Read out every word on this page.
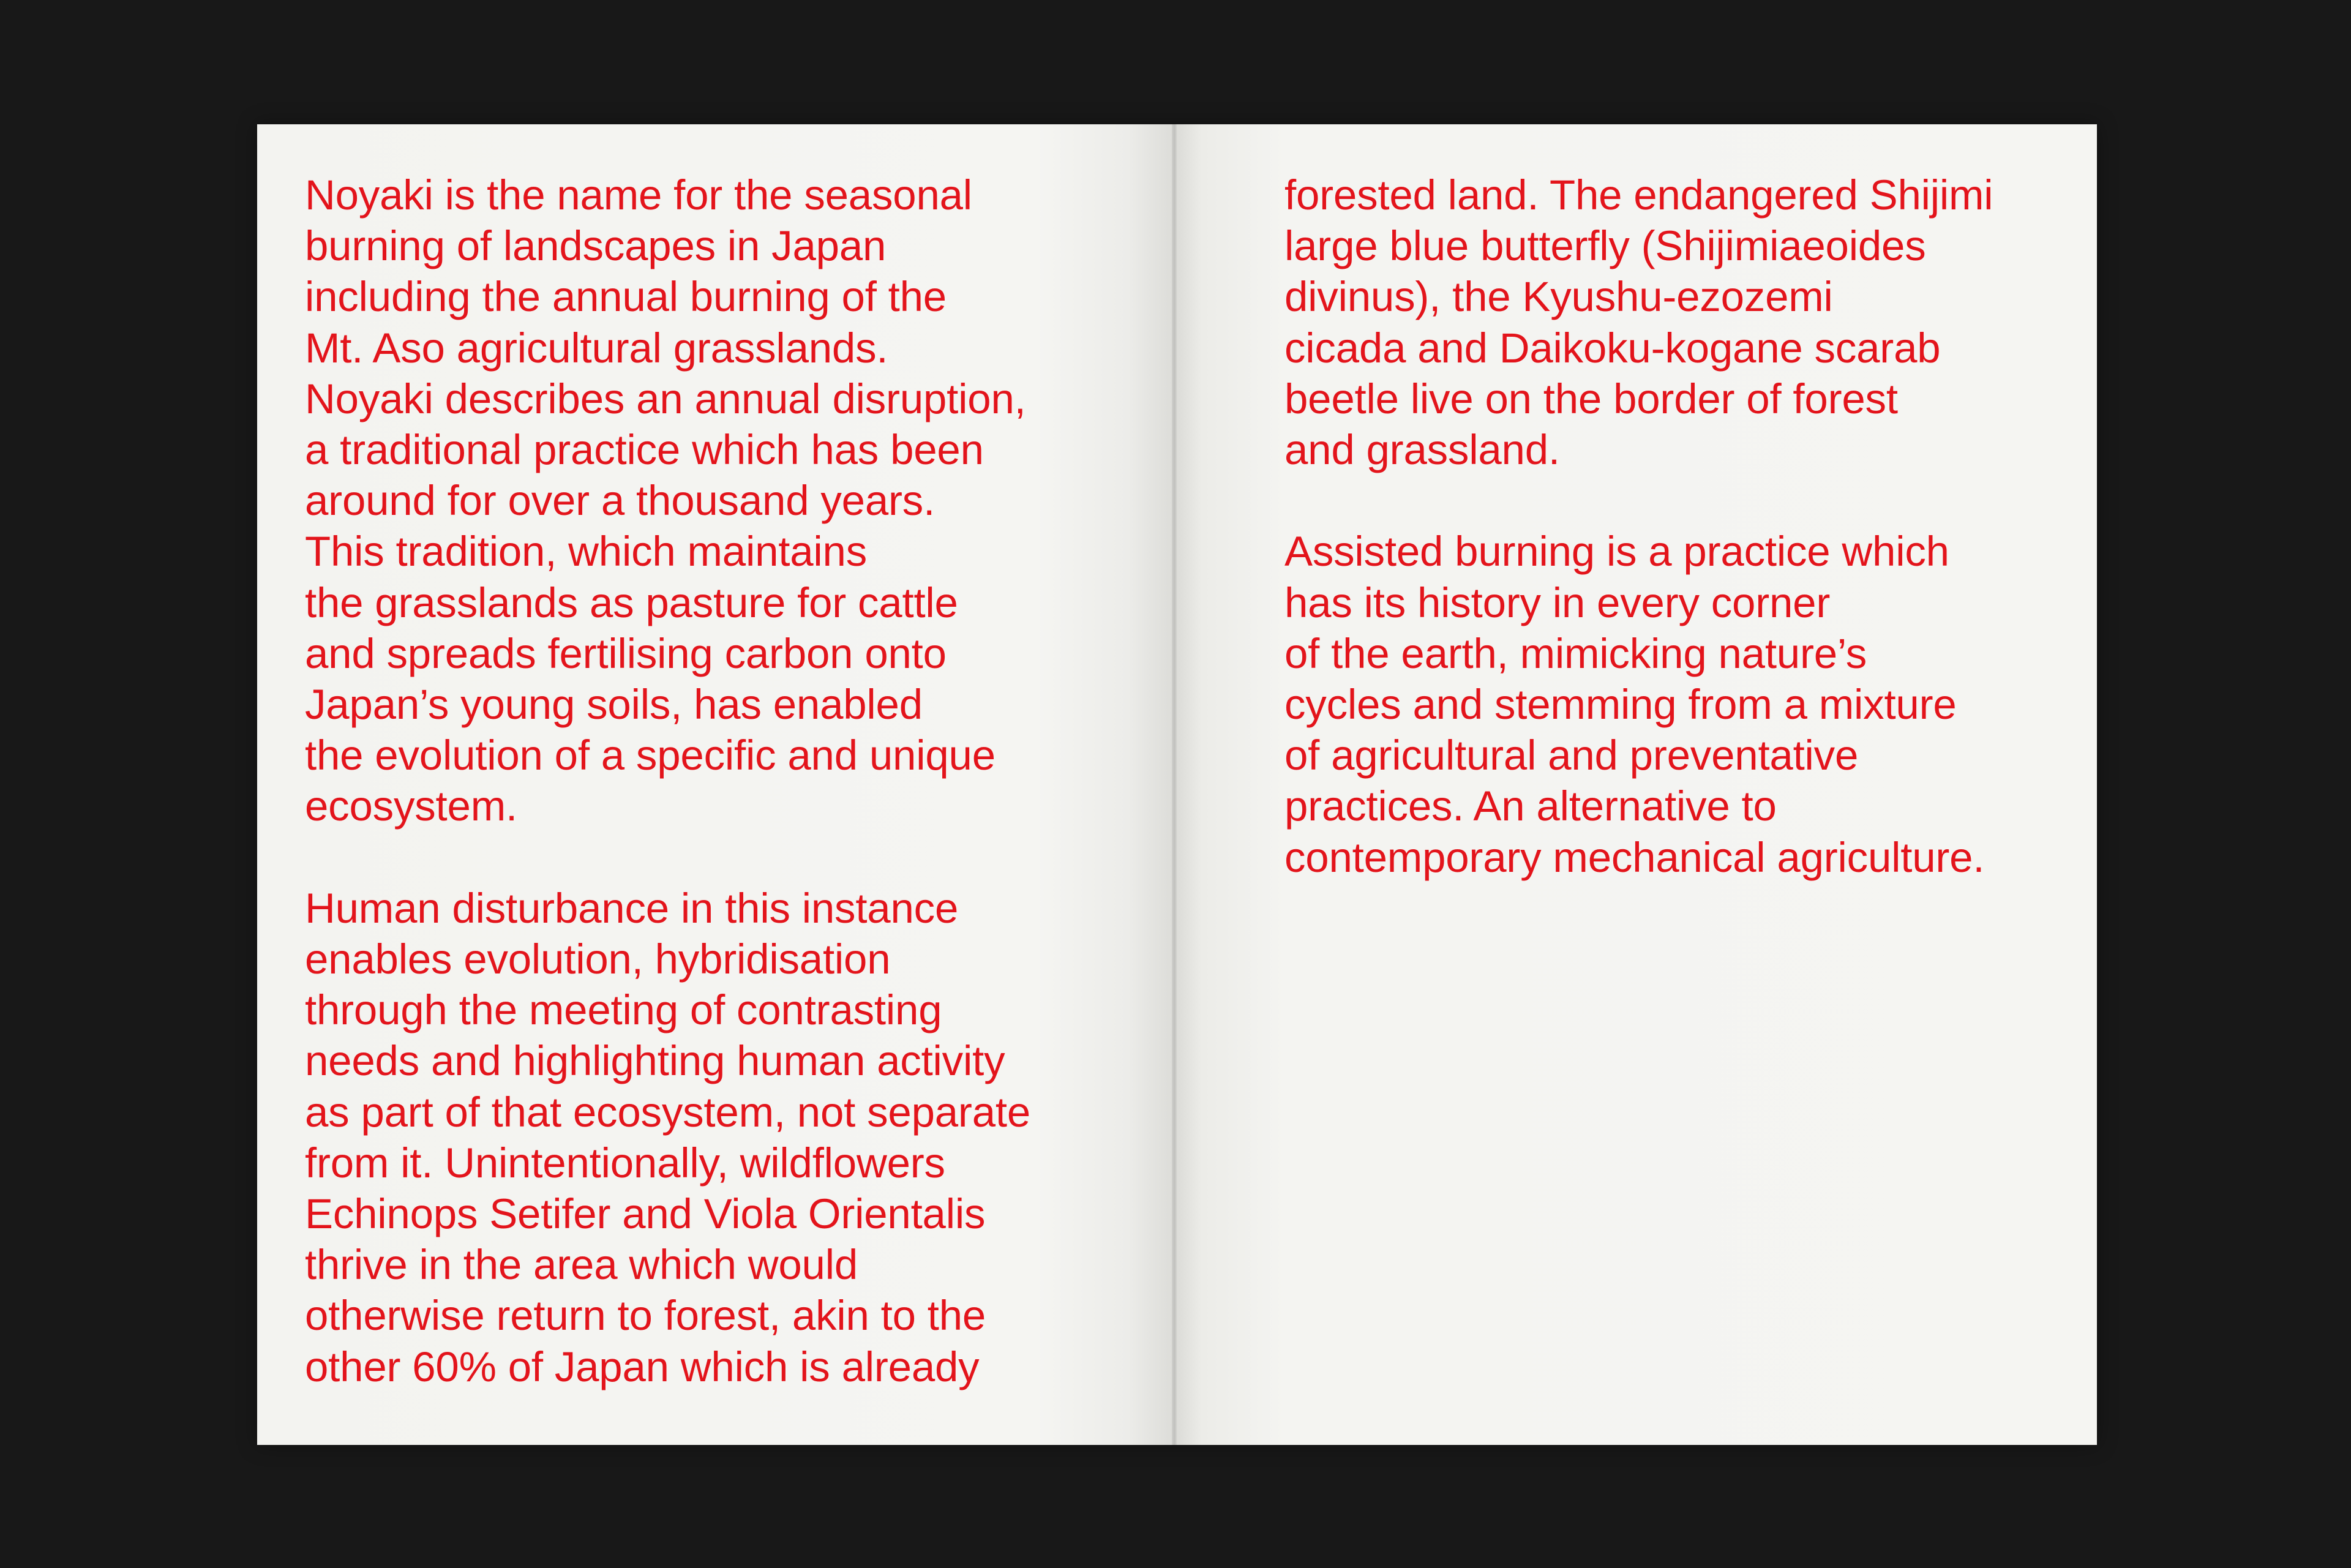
Noyaki is the name for the seasonal
burning of landscapes in Japan
including the annual burning of the
Mt. Aso agricultural grasslands.
Noyaki describes an annual disruption,
a traditional practice which has been
around for over a thousand years.
This tradition, which maintains
the grasslands as pasture for cattle
and spreads fertilising carbon onto
Japan’s young soils, has enabled
the evolution of a specific and unique
ecosystem.

Human disturbance in this instance
enables evolution, hybridisation
through the meeting of contrasting
needs and highlighting human activity
as part of that ecosystem, not separate
from it. Unintentionally, wildflowers
Echinops Setifer and Viola Orientalis
thrive in the area which would
otherwise return to forest, akin to the
other 60% of Japan which is already

forested land. The endangered Shijimi
large blue butterfly (Shijimiaeoides
divinus), the Kyushu-ezozemi
cicada and Daikoku-kogane scarab
beetle live on the border of forest
and grassland.

Assisted burning is a practice which
has its history in every corner
of the earth, mimicking nature’s
cycles and stemming from a mixture
of agricultural and preventative
practices. An alternative to
contemporary mechanical agriculture.
